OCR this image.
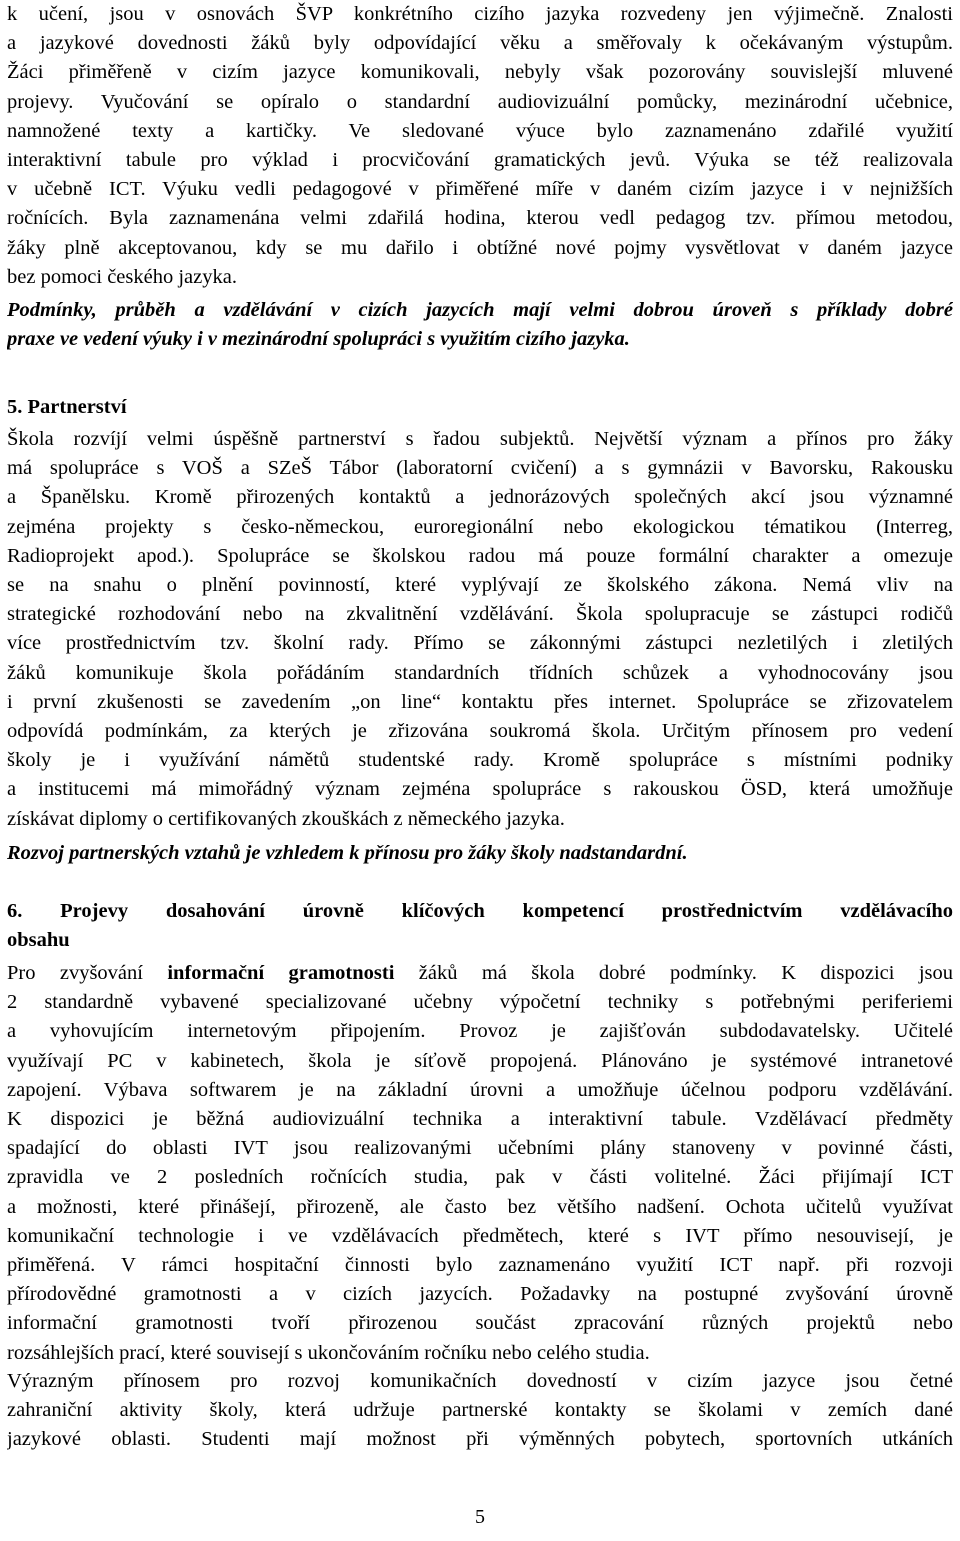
k učení, jsou v osnovách ŠVP konkrétního cizího jazyka rozvedeny jen výjimečně. Znalosti
a jazykové dovednosti žáků byly odpovídající věku a směřovaly k očekávaným výstupům.
Žáci přiměřeně v cizím jazyce komunikovali, nebyly však pozorovány souvislejší mluvené
projevy. Vyučování se opíralo o standardní audiovizuální pomůcky, mezinárodní učebnice,
namnožené texty a kartičky. Ve sledované výuce bylo zaznamenáno zdařilé využití
interaktivní tabule pro výklad i procvičování gramatických jevů. Výuka se též realizovala
v učebně ICT. Výuku vedli pedagogové v přiměřené míře v daném cizím jazyce i v nejnižších
ročnících. Byla zaznamenána velmi zdařilá hodina, kterou vedl pedagog tzv. přímou metodou,
žáky plně akceptovanou, kdy se mu dařilo i obtížné nové pojmy vysvětlovat v daném jazyce
bez pomoci českého jazyka.
Podmínky, průběh a vzdělávání v cizích jazycích mají velmi dobrou úroveň s příklady dobré
praxe ve vedení výuky i v mezinárodní spolupráci s využitím cizího jazyka.
5. Partnerství
Škola rozvíjí velmi úspěšně partnerství s řadou subjektů. Největší význam a přínos pro žáky
má spolupráce s VOŠ a SZeŠ Tábor (laboratorní cvičení) a s gymnázii v Bavorsku, Rakousku
a Španělsku. Kromě přirozených kontaktů a jednorázových společných akcí jsou významné
zejména projekty s česko-německou, euroregionální nebo ekologickou tématikou (Interreg,
Radioprojekt apod.). Spolupráce se školskou radou má pouze formální charakter a omezuje
se na snahu o plnění povinností, které vyplývají ze školského zákona. Nemá vliv na
strategické rozhodování nebo na zkvalitnění vzdělávání. Škola spolupracuje se zástupci rodičů
více prostřednictvím tzv. školní rady. Přímo se zákonnými zástupci nezletilých i zletilých
žáků komunikuje škola pořádáním standardních třídních schůzek a vyhodnocovány jsou
i první zkušenosti se zavedením „on line“ kontaktu přes internet. Spolupráce se zřizovatelem
odpovídá podmínkám, za kterých je zřizována soukromá škola. Určitým přínosem pro vedení
školy je i využívání námětů studentské rady. Kromě spolupráce s místními podniky
a institucemi má mimořádný význam zejména spolupráce s rakouskou ÖSD, která umožňuje
získávat diplomy o certifikovaných zkouškách z německého jazyka.
Rozvoj partnerských vztahů je vzhledem k přínosu pro žáky školy nadstandardní.
6. Projevy dosahování úrovně klíčových kompetencí prostřednictvím vzdělávacího
obsahu
Pro zvyšování informační gramotnosti žáků má škola dobré podmínky. K dispozici jsou
2 standardně vybavené specializované učebny výpočetní techniky s potřebnými periferiemi
a vyhovujícím internetovým připojením. Provoz je zajišťován subdodavatelsky. Učitelé
využívají PC v kabinetech, škola je síťově propojená. Plánováno je systémové intranetové
zapojení. Výbava softwarem je na základní úrovni a umožňuje účelnou podporu vzdělávání.
K dispozici je běžná audiovizuální technika a interaktivní tabule. Vzdělávací předměty
spadající do oblasti IVT jsou realizovanými učebními plány stanoveny v povinné části,
zpravidla ve 2 posledních ročnících studia, pak v části volitelné. Žáci přijímají ICT
a možnosti, které přinášejí, přirozeně, ale často bez většího nadšení. Ochota učitelů využívat
komunikační technologie i ve vzdělávacích předmětech, které s IVT přímo nesouvisejí, je
přiměřená. V rámci hospitační činnosti bylo zaznamenáno využití ICT např. při rozvoji
přírodovědné gramotnosti a v cizích jazycích. Požadavky na postupné zvyšování úrovně
informační gramotnosti tvoří přirozenou součást zpracování různých projektů nebo
rozsáhlejších prací, které souvisejí s ukončováním ročníku nebo celého studia.
Výrazným přínosem pro rozvoj komunikačních dovedností v cizím jazyce jsou četné
zahraniční aktivity školy, která udržuje partnerské kontakty se školami v zemích dané
jazykové oblasti. Studenti mají možnost při výměnných pobytech, sportovních utkáních
5
